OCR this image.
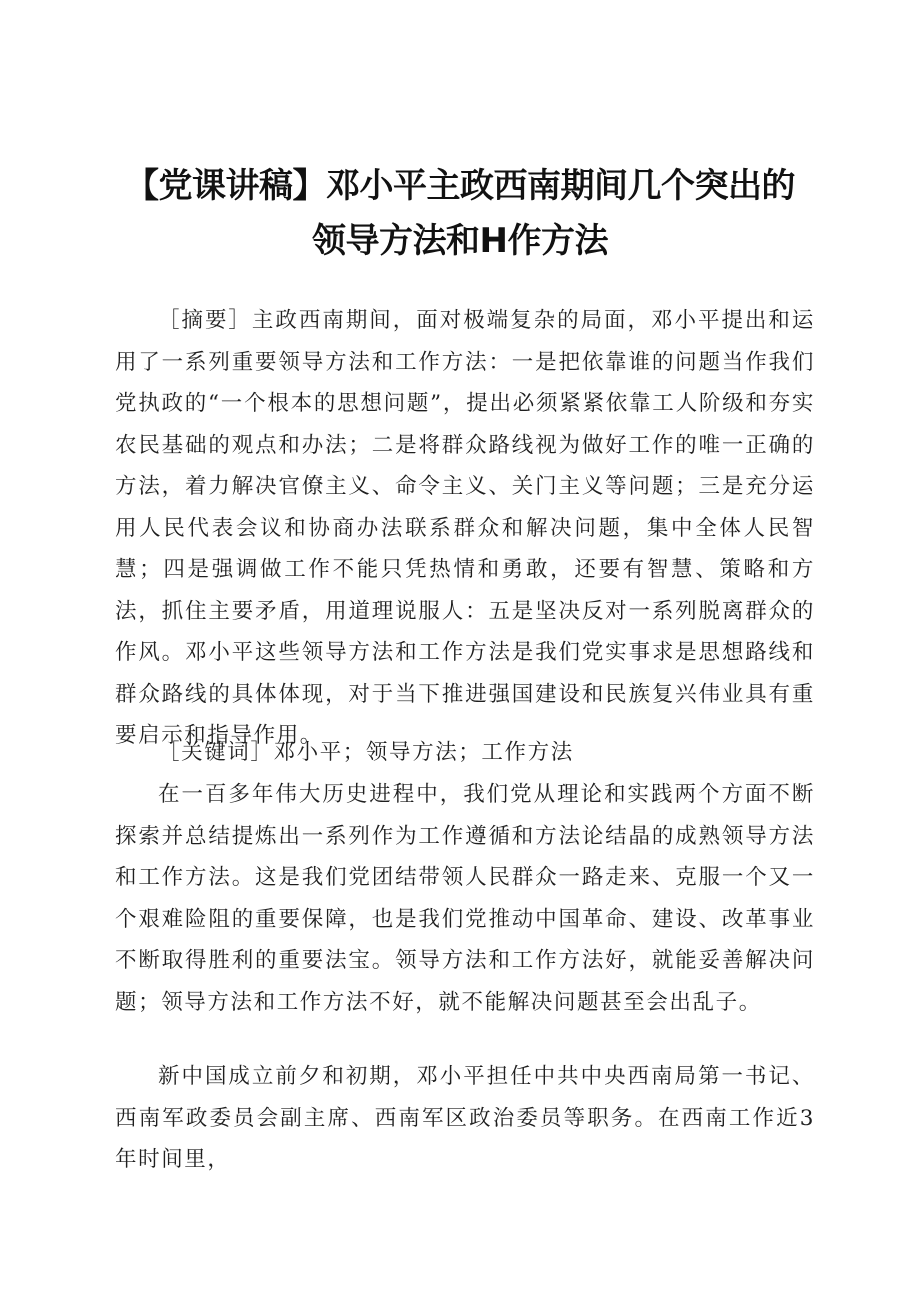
【党课讲稿】邓小平主政西南期间几个突出的
领导方法和H作方法

［摘要］主政西南期间，面对极端复杂的局面，邓小平提出和运用了一系列重要领导方法和工作方法：一是把依靠谁的问题当作我们党执政的“一个根本的思想问题”，提出必须紧紧依靠工人阶级和夯实农民基础的观点和办法；二是将群众路线视为做好工作的唯一正确的方法，着力解决官僚主义、命令主义、关门主义等问题；三是充分运用人民代表会议和协商办法联系群众和解决问题，集中全体人民智慧；四是强调做工作不能只凭热情和勇敢，还要有智慧、策略和方法，抓住主要矛盾，用道理说服人：五是坚决反对一系列脱离群众的作风。邓小平这些领导方法和工作方法是我们党实事求是思想路线和群众路线的具体体现，对于当下推进强国建设和民族复兴伟业具有重要启示和指导作用。

［关键词］邓小平；领导方法；工作方法

在一百多年伟大历史进程中，我们党从理论和实践两个方面不断探索并总结提炼出一系列作为工作遵循和方法论结晶的成熟领导方法和工作方法。这是我们党团结带领人民群众一路走来、克服一个又一个艰难险阻的重要保障，也是我们党推动中国革命、建设、改革事业不断取得胜利的重要法宝。领导方法和工作方法好，就能妥善解决问题；领导方法和工作方法不好，就不能解决问题甚至会出乱子。

新中国成立前夕和初期，邓小平担任中共中央西南局第一书记、西南军政委员会副主席、西南军区政治委员等职务。在西南工作近3年时间里，
